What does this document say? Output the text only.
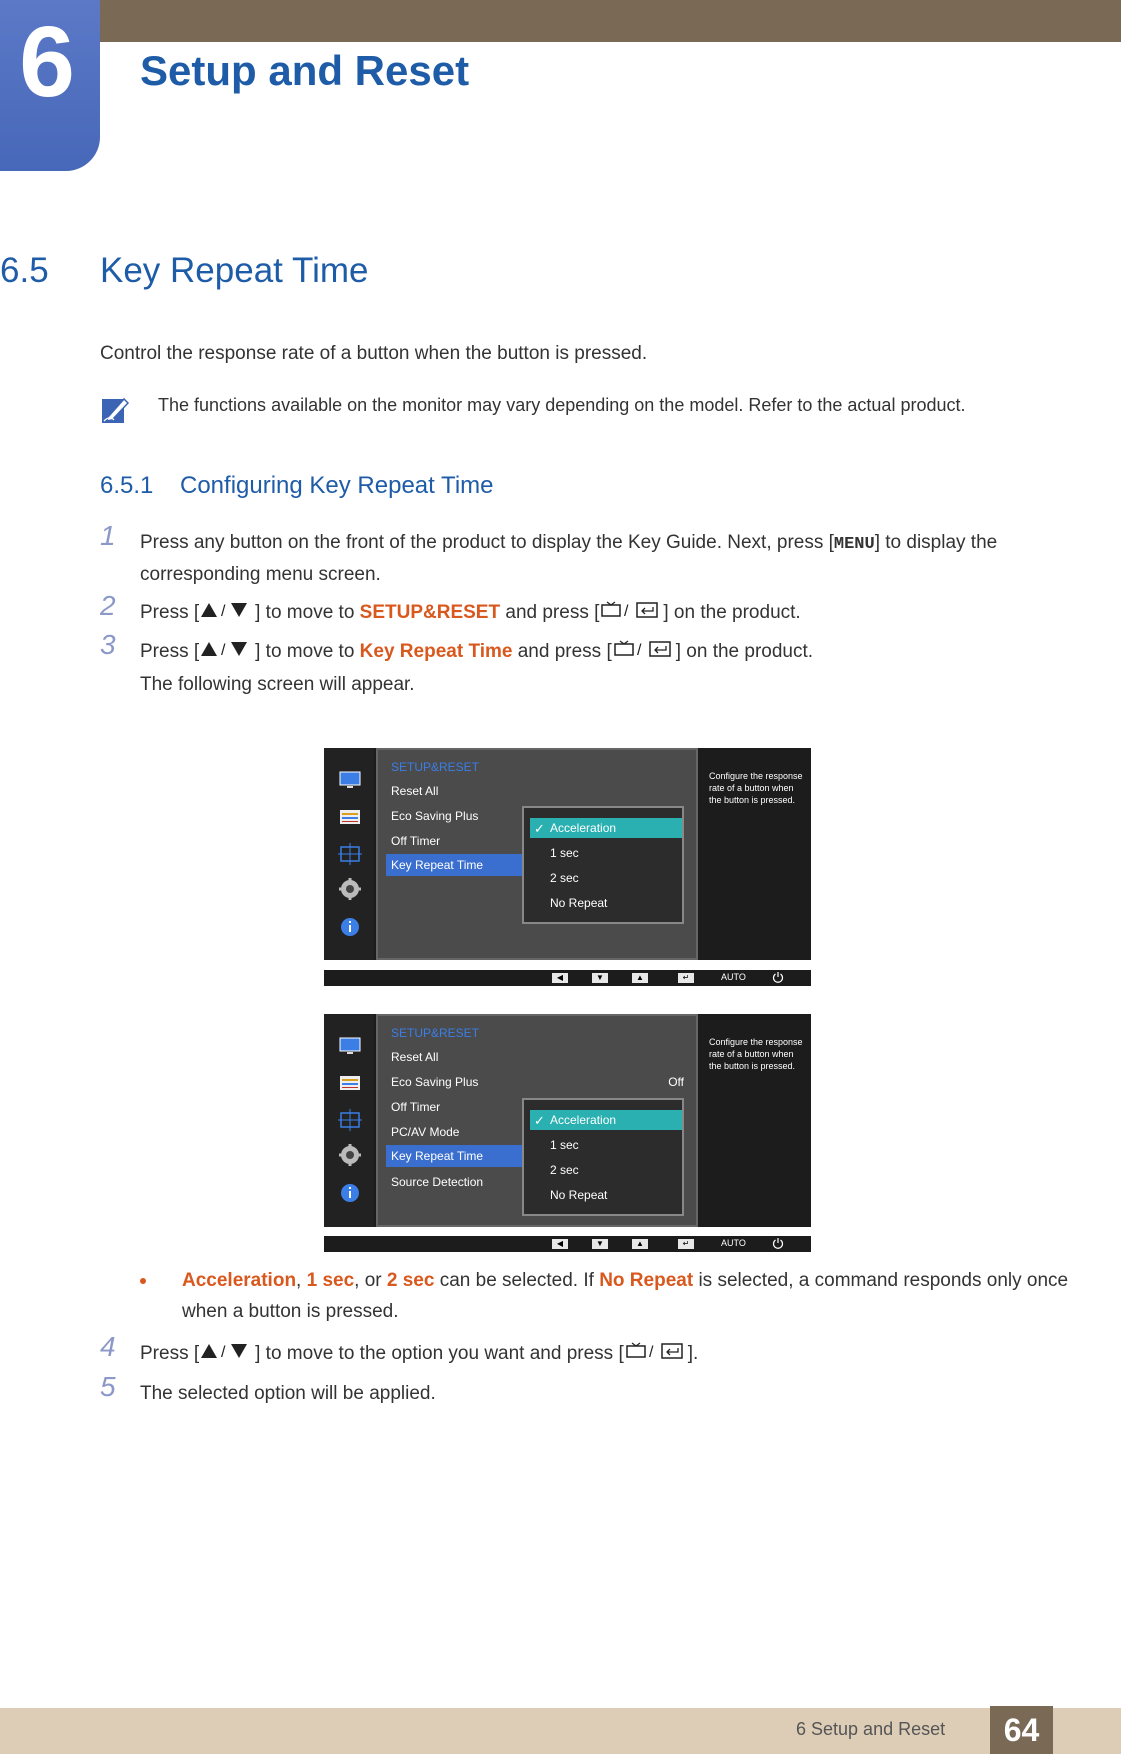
6	Setup and Reset
6.5 Key Repeat Time
Control the response rate of a button when the button is pressed.
The functions available on the monitor may vary depending on the model. Refer to the actual product.
6.5.1 Configuring Key Repeat Time
1 Press any button on the front of the product to display the Key Guide. Next, press [MENU] to display the corresponding menu screen.
2 Press [ / ] to move to SETUP&RESET and press [ / ] on the product.
3 Press [ / ] to move to Key Repeat Time and press [ / ] on the product.
The following screen will appear.
SETUP&RESET
Reset All
Eco Saving Plus
Off Timer
Key Repeat Time
✓ Acceleration
1 sec
2 sec
No Repeat
Configure the response rate of a button when the button is pressed.
◀	▼	▲	↵	AUTO
SETUP&RESET
Reset All
Eco Saving Plus	Off
Off Timer
PC/AV Mode
Key Repeat Time
Source Detection
✓ Acceleration
1 sec
2 sec
No Repeat
Configure the response rate of a button when the button is pressed.
◀	▼	▲	↵	AUTO
Acceleration, 1 sec, or 2 sec can be selected. If No Repeat is selected, a command responds only once when a button is pressed.
4 Press [ / ] to move to the option you want and press [ / ].
5 The selected option will be applied.
6 Setup and Reset	64
